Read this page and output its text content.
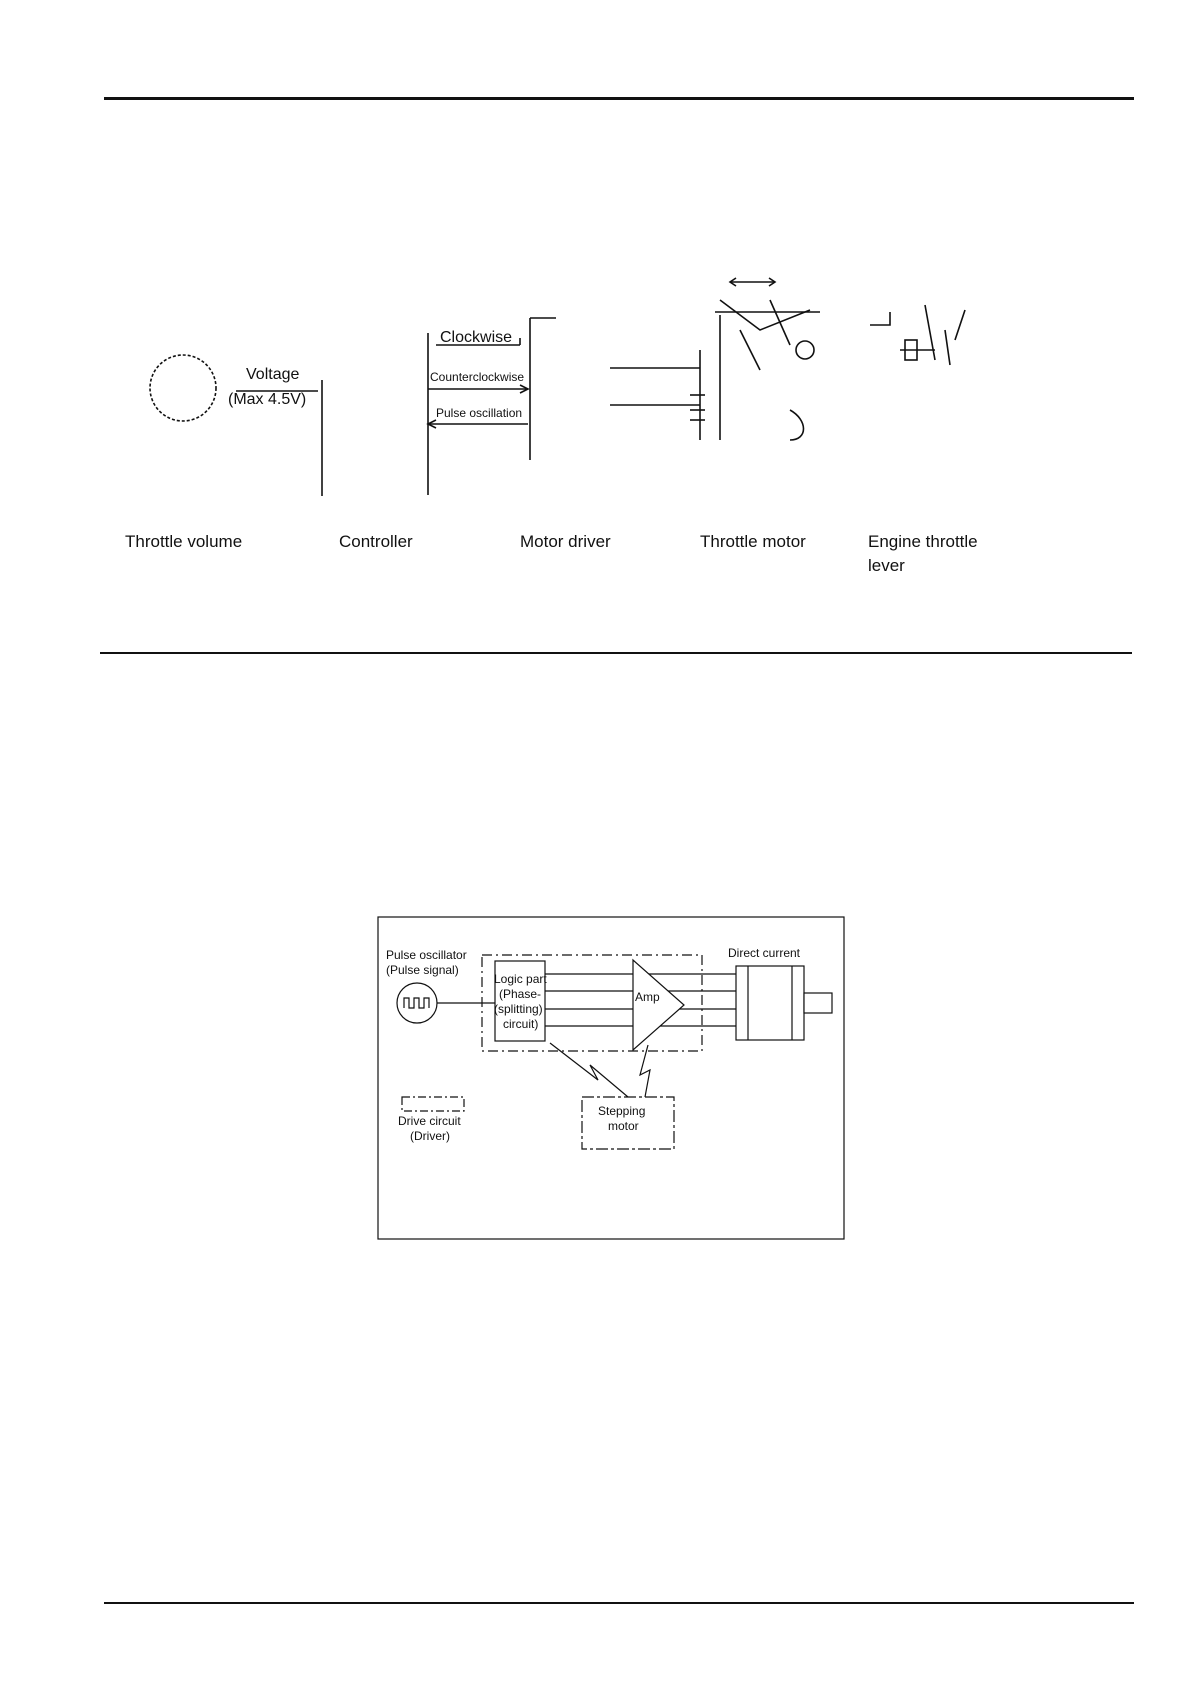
Voltage
(Max 4.5V)
Clockwise
Counterclockwise
Pulse oscillation
Throttle volume	Controller	Motor driver	Throttle motor	Engine throttle
lever
Pulse oscillator
(Pulse signal)
Logic part
(Phase-
(splitting)
circuit)
Amp
Direct current
Stepping
motor
Drive circuit
(Driver)
